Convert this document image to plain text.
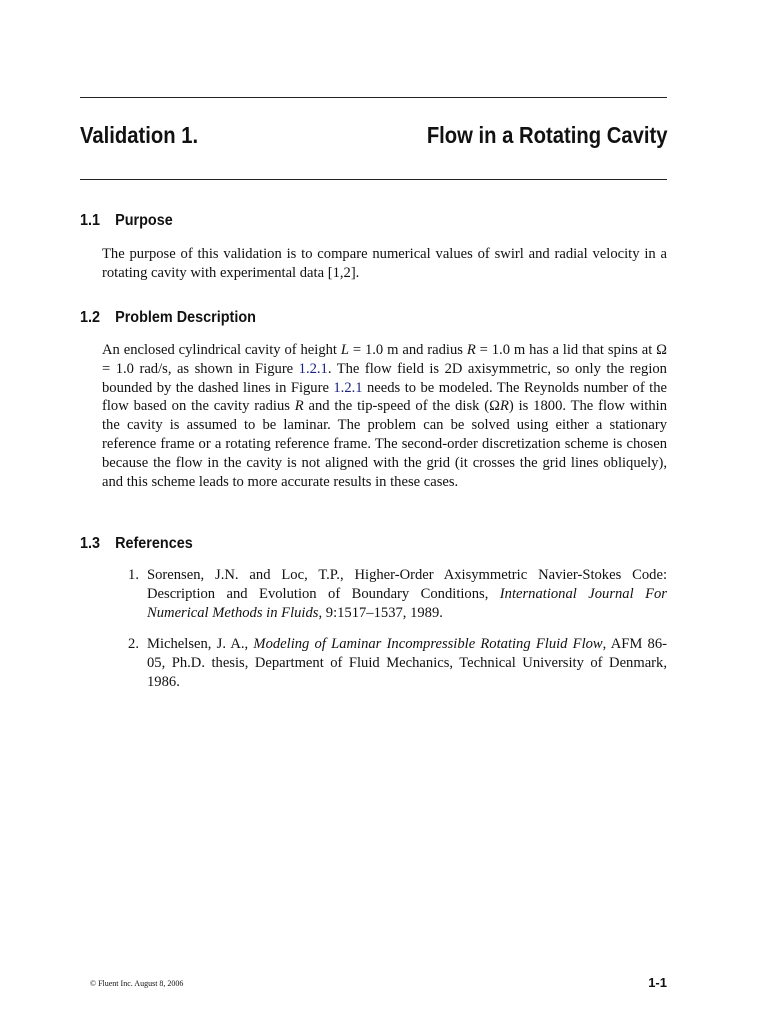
Validation 1.	Flow in a Rotating Cavity
1.1 Purpose

The purpose of this validation is to compare numerical values of swirl and radial velocity in a rotating cavity with experimental data [1,2].

1.2 Problem Description

An enclosed cylindrical cavity of height L = 1.0 m and radius R = 1.0 m has a lid that spins at Ω = 1.0 rad/s, as shown in Figure 1.2.1. The flow field is 2D axisymmetric, so only the region bounded by the dashed lines in Figure 1.2.1 needs to be modeled. The Reynolds number of the flow based on the cavity radius R and the tip-speed of the disk (ΩR) is 1800. The flow within the cavity is assumed to be laminar. The problem can be solved using either a stationary reference frame or a rotating reference frame. The second-order discretization scheme is chosen because the flow in the cavity is not aligned with the grid (it crosses the grid lines obliquely), and this scheme leads to more accurate results in these cases.

1.3 References
1. Sorensen, J.N. and Loc, T.P., Higher-Order Axisymmetric Navier-Stokes Code: Description and Evolution of Boundary Conditions, International Journal For Numerical Methods in Fluids, 9:1517–1537, 1989.
2. Michelsen, J. A., Modeling of Laminar Incompressible Rotating Fluid Flow, AFM 86-05, Ph.D. thesis, Department of Fluid Mechanics, Technical University of Denmark, 1986.
© Fluent Inc. August 8, 2006	1-1
